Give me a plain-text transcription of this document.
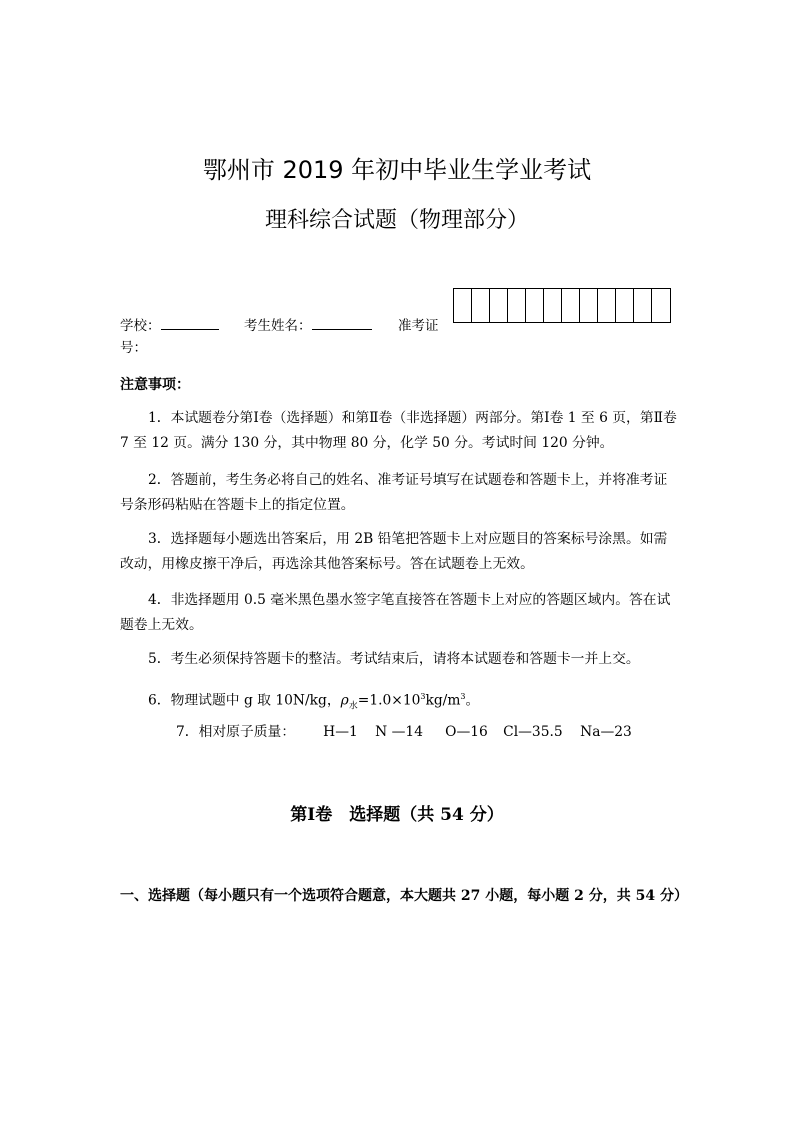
鄂州市 2019 年初中毕业生学业考试
理科综合试题（物理部分）
学校：	考生姓名：	准考证
号：
注意事项：
1．本试题卷分第Ⅰ卷（选择题）和第Ⅱ卷（非选择题）两部分。第Ⅰ卷 1 至 6 页，第Ⅱ卷 7 至 12 页。满分 130 分，其中物理 80 分，化学 50 分。考试时间 120 分钟。
2．答题前，考生务必将自己的姓名、准考证号填写在试题卷和答题卡上，并将准考证号条形码粘贴在答题卡上的指定位置。
3．选择题每小题选出答案后，用 2B 铅笔把答题卡上对应题目的答案标号涂黑。如需改动，用橡皮擦干净后，再选涂其他答案标号。答在试题卷上无效。
4．非选择题用 0.5 毫米黑色墨水签字笔直接答在答题卡上对应的答题区域内。答在试题卷上无效。
5．考生必须保持答题卡的整洁。考试结束后，请将本试题卷和答题卡一并上交。
6．物理试题中 g 取 10N/kg，$\rho_水=1.0\times 10^3kg/m^3$。
7．相对原子质量： H—1 N —14 O—16 Cl—35.5 Na—23
第Ⅰ卷　选择题（共 54 分）
一、选择题（每小题只有一个选项符合题意，本大题共 27 小题，每小题 2 分，共 54 分）
